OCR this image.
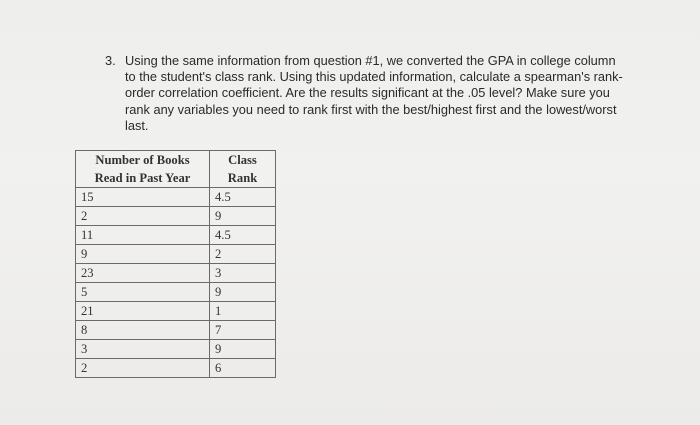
3. Using the same information from question #1, we converted the GPA in college column
to the student's class rank. Using this updated information, calculate a spearman's rank-
order correlation coefficient. Are the results significant at the .05 level? Make sure you
rank any variables you need to rank first with the best/highest first and the lowest/worst
last.
Number of Books	Class
Read in Past Year	Rank
15	4.5
2	9
11	4.5
9	2
23	3
5	9
21	1
8	7
3	9
2	6
